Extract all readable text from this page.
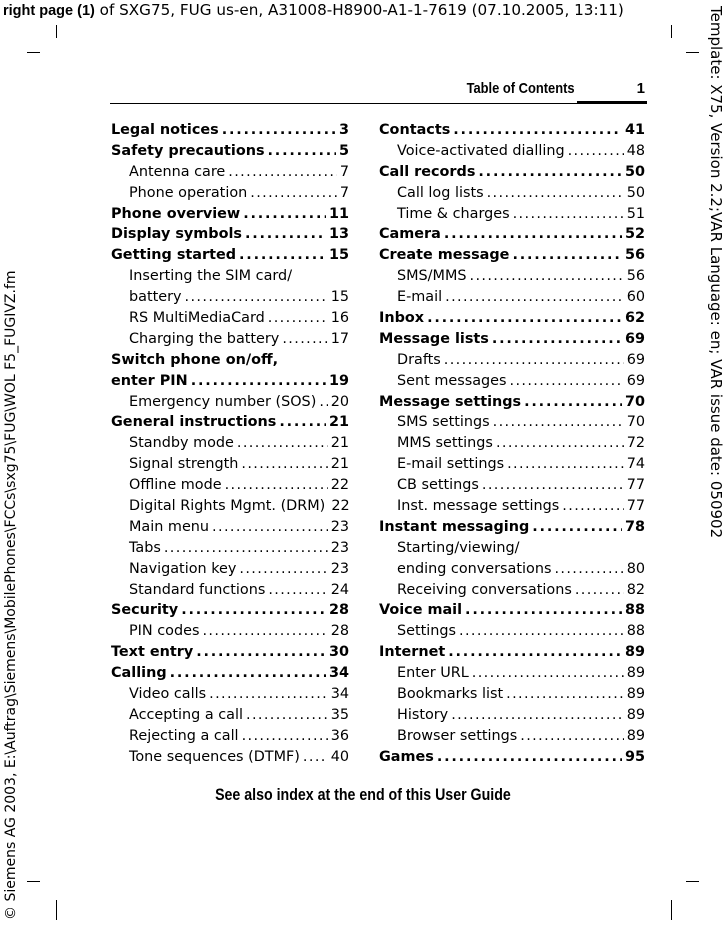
right page (1) of SXG75, FUG us-en, A31008-H8900-A1-1-7619 (07.10.2005, 13:11)
© Siemens AG 2003, E:\Auftrag\Siemens\MobilePhones\FCCs\sxg75\FUG\WOL F5_FUGIVZ.fm	Template: X75, Version 2.2;VAR Language: en; VAR issue date: 050902
Table of Contents	1
Legal notices . . .	3
Safety precautions . . .	5
Antenna care . . .	7
Phone operation . . .	7
Phone overview . . .	11
Display symbols . . .	13
Getting started . . .	15
Inserting the SIM card/
battery . . .	15
RS MultiMediaCard . . .	16
Charging the battery . . .	17
Switch phone on/off,
enter PIN . . .	19
Emergency number (SOS) . . . 20
General instructions . . .	21
Standby mode . . .	21
Signal strength . . .	21
Offline mode . . .	22
Digital Rights Mgmt. (DRM) 22
Main menu . . .	23
Tabs . . .	23
Navigation key . . .	23
Standard functions . . .	24
Security . . .	28
PIN codes . . .	28
Text entry . . .	30
Calling . . .	34
Video calls . . .	34
Accepting a call . . .	35
Rejecting a call . . .	36
Tone sequences (DTMF) . . . 40
Contacts . . .	41
Voice-activated dialling . . .	48
Call records . . .	50
Call log lists . . .	50
Time & charges . . .	51
Camera . . .	52
Create message . . .	56
SMS/MMS . . .	56
E-mail . . .	60
Inbox . . .	62
Message lists . . .	69
Drafts . . .	69
Sent messages . . .	69
Message settings . . .	70
SMS settings . . .	70
MMS settings . . .	72
E-mail settings . . .	74
CB settings . . .	77
Inst. message settings . . .	77
Instant messaging . . .	78
Starting/viewing/
ending conversations . . .	80
Receiving conversations . . .	82
Voice mail . . .	88
Settings . . .	88
Internet . . .	89
Enter URL . . .	89
Bookmarks list . . .	89
History . . .	89
Browser settings . . .	89
Games . . .	95
See also index at the end of this User Guide
